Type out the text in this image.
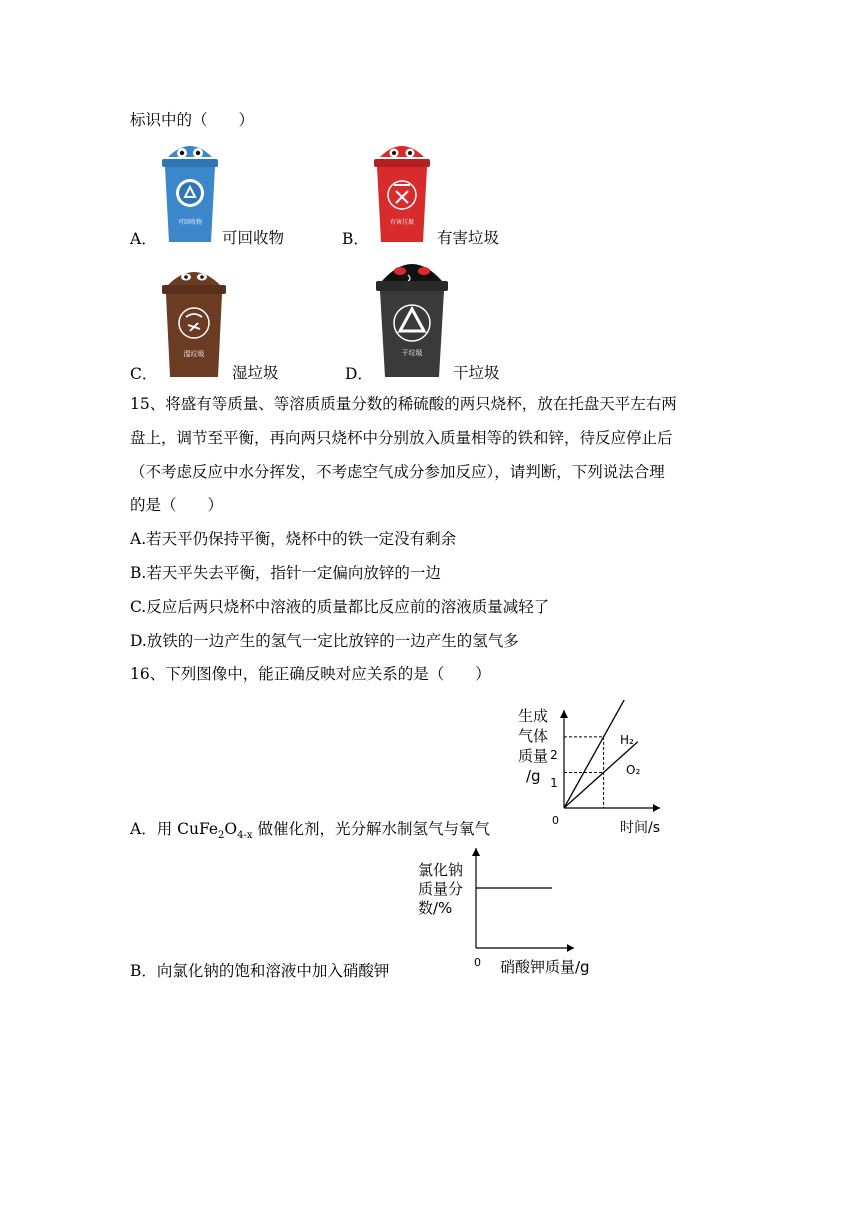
标识中的（　　）
可回收物
A．	可回收物
有害垃圾
B．	有害垃圾
湿垃圾
C．	湿垃圾
干垃圾
D．	干垃圾
15、将盛有等质量、等溶质质量分数的稀硫酸的两只烧杯，放在托盘天平左右两
盘上，调节至平衡，再向两只烧杯中分别放入质量相等的铁和锌，待反应停止后
（不考虑反应中水分挥发，不考虑空气成分参加反应），请判断，下列说法合理
的是（　　）
A.若天平仍保持平衡，烧杯中的铁一定没有剩余
B.若天平失去平衡，指针一定偏向放锌的一边
C.反应后两只烧杯中溶液的质量都比反应前的溶液质量减轻了
D.放铁的一边产生的氢气一定比放锌的一边产生的氢气多
16、下列图像中，能正确反映对应关系的是（　　）
生成
气体
质量
/g 1
2
0	时间/s
H₂
O₂
A．用 $CuFe_2O_{4-x}$ 做催化剂，光分解水制氢气与氧气
氯化钠
质量分
数/%
0 硝酸钾质量/g
B．向氯化钠的饱和溶液中加入硝酸钾
